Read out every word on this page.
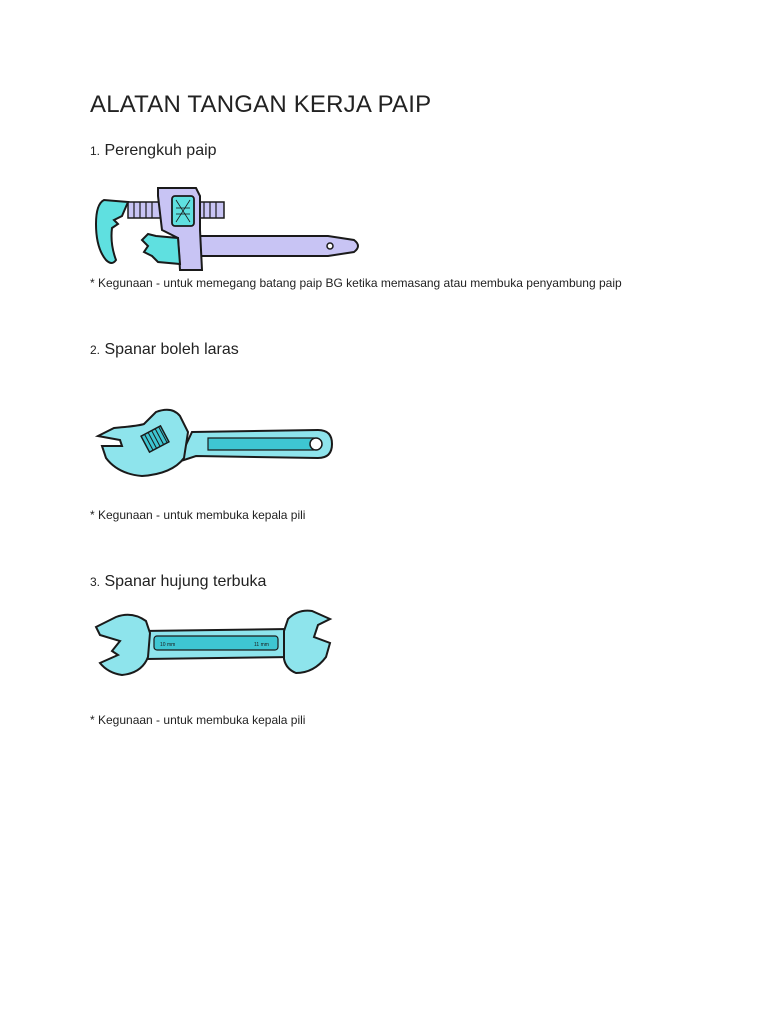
ALATAN TANGAN KERJA PAIP
1. Perengkuh paip
* Kegunaan - untuk memegang batang paip BG ketika memasang atau membuka penyambung paip
2. Spanar boleh laras
* Kegunaan - untuk membuka kepala pili
3. Spanar hujung terbuka
10 mm	11 mm
* Kegunaan - untuk membuka kepala pili
